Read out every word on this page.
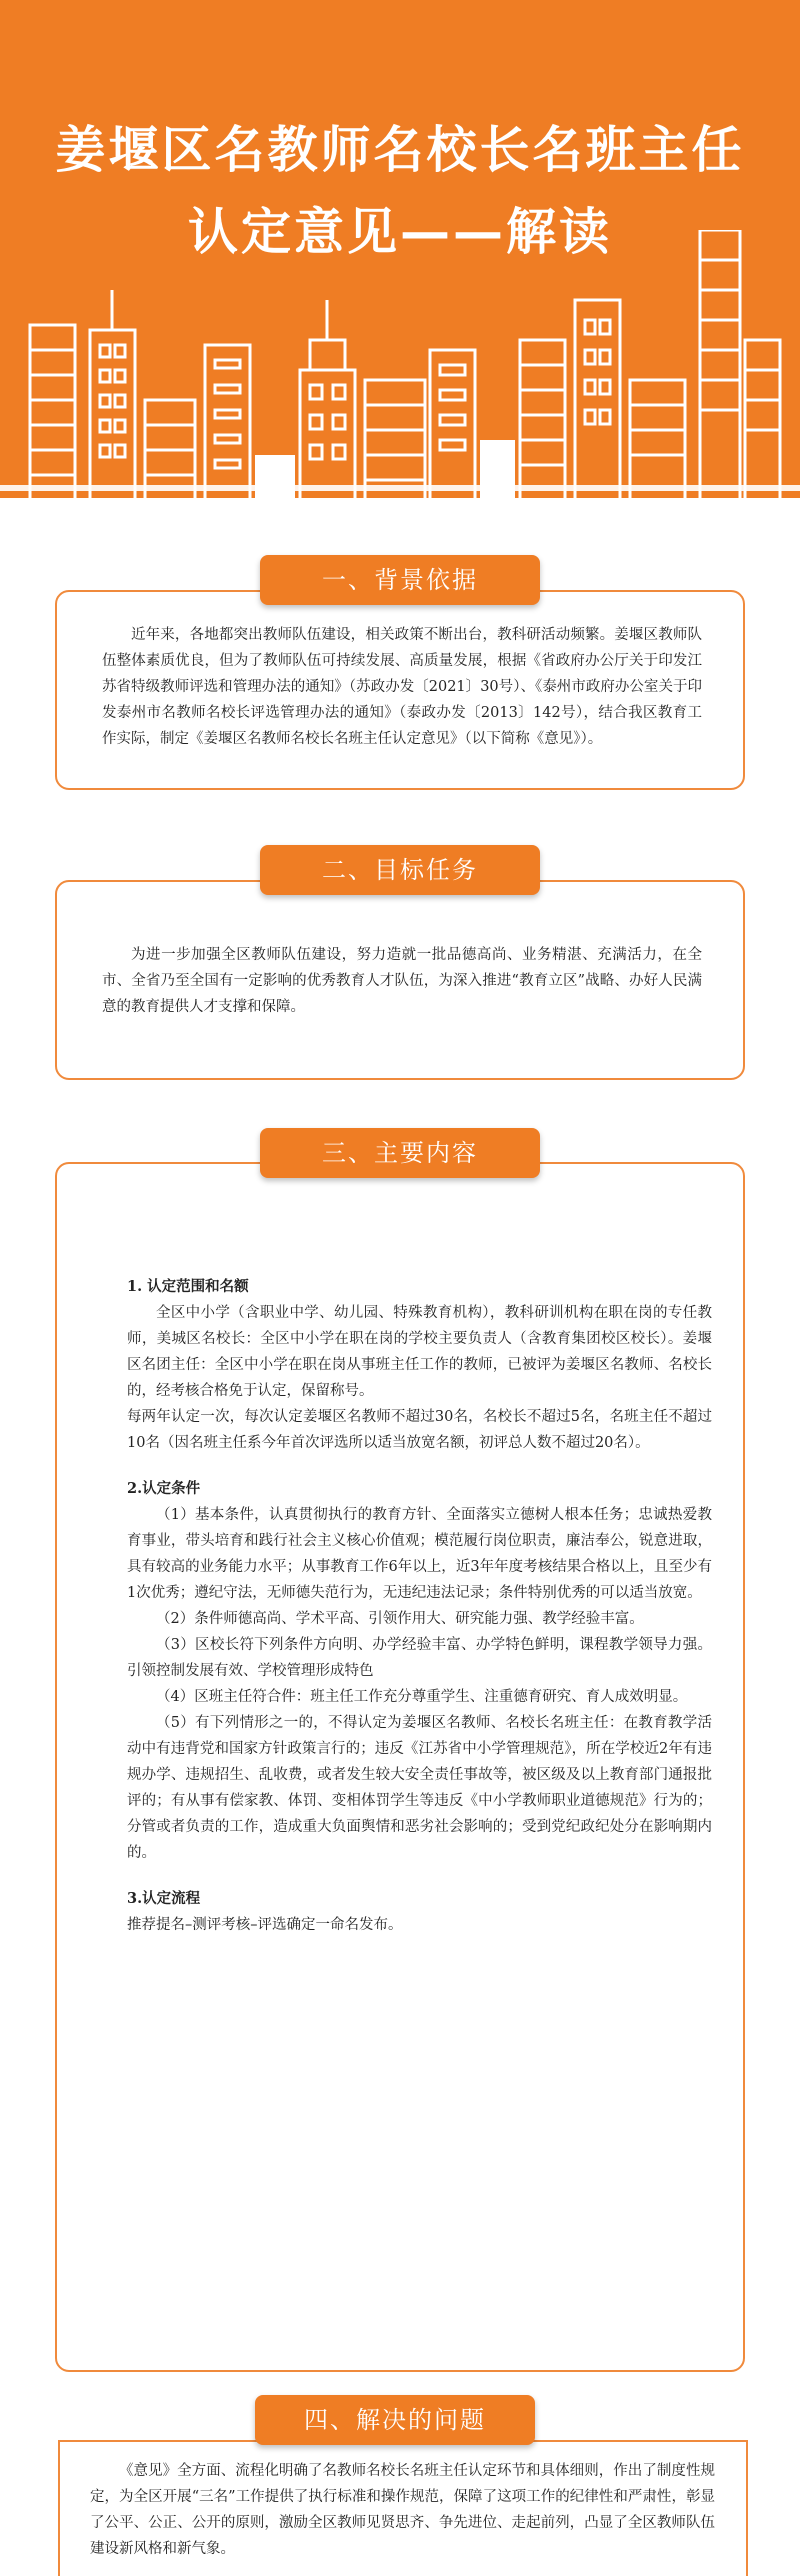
姜堰区名教师名校长名班主任
认定意见——解读

近年来，各地都突出教师队伍建设，相关政策不断出台，教科研活动频繁。姜堰区教师队伍整体素质优良，但为了教师队伍可持续发展、高质量发展，根据《省政府办公厅关于印发江苏省特级教师评选和管理办法的通知》（苏政办发〔2021〕30号）、《泰州市政府办公室关于印发泰州市名教师名校长评选管理办法的通知》（泰政办发〔2013〕142号），结合我区教育工作实际，制定《姜堰区名教师名校长名班主任认定意见》（以下简称《意见》）。

一、背景依据

为进一步加强全区教师队伍建设，努力造就一批品德高尚、业务精湛、充满活力，在全市、全省乃至全国有一定影响的优秀教育人才队伍，为深入推进“教育立区”战略、办好人民满意的教育提供人才支撑和保障。

二、目标任务

1. 认定范围和名额

全区中小学（含职业中学、幼儿园、特殊教育机构），教科研训机构在职在岗的专任教师，美城区名校长：全区中小学在职在岗的学校主要负责人（含教育集团校区校长）。姜堰区名团主任：全区中小学在职在岗从事班主任工作的教师，已被评为姜堰区名教师、名校长的，经考核合格免于认定，保留称号。

每两年认定一次，每次认定姜堰区名教师不超过30名，名校长不超过5名，名班主任不超过10名（因名班主任系今年首次评选所以适当放宽名额，初评总人数不超过20名）。

2.认定条件

（1）基本条件，认真贯彻执行的教育方针、全面落实立德树人根本任务；忠诚热爱教育事业，带头培育和践行社会主义核心价值观；模范履行岗位职责，廉洁奉公，锐意进取，具有较高的业务能力水平；从事教育工作6年以上，近3年年度考核结果合格以上，且至少有1次优秀；遵纪守法，无师德失范行为，无违纪违法记录；条件特别优秀的可以适当放宽。

（2）条件师德高尚、学术平高、引领作用大、研究能力强、教学经验丰富。

（3）区校长符下列条件方向明、办学经验丰富、办学特色鲜明，课程教学领导力强。引领控制发展有效、学校管理形成特色

（4）区班主任符合件：班主任工作充分尊重学生、注重德育研究、育人成效明显。

（5）有下列情形之一的，不得认定为姜堰区名教师、名校长名班主任：在教育教学活动中有违背党和国家方针政策言行的；违反《江苏省中小学管理规范》，所在学校近2年有违规办学、违规招生、乱收费，或者发生较大安全责任事故等，被区级及以上教育部门通报批评的；有从事有偿家教、体罚、变相体罚学生等违反《中小学教师职业道德规范》行为的；分管或者负责的工作，造成重大负面舆情和恶劣社会影响的；受到党纪政纪处分在影响期内的。

3.认定流程

推荐提名–测评考核–评选确定一命名发布。

三、主要内容

《意见》全方面、流程化明确了名教师名校长名班主任认定环节和具体细则，作出了制度性规定，为全区开展“三名”工作提供了执行标准和操作规范，保障了这项工作的纪律性和严肃性，彰显了公平、公正、公开的原则，激励全区教师见贤思齐、争先进位、走起前列，凸显了全区教师队伍建设新风格和新气象。

四、解决的问题
